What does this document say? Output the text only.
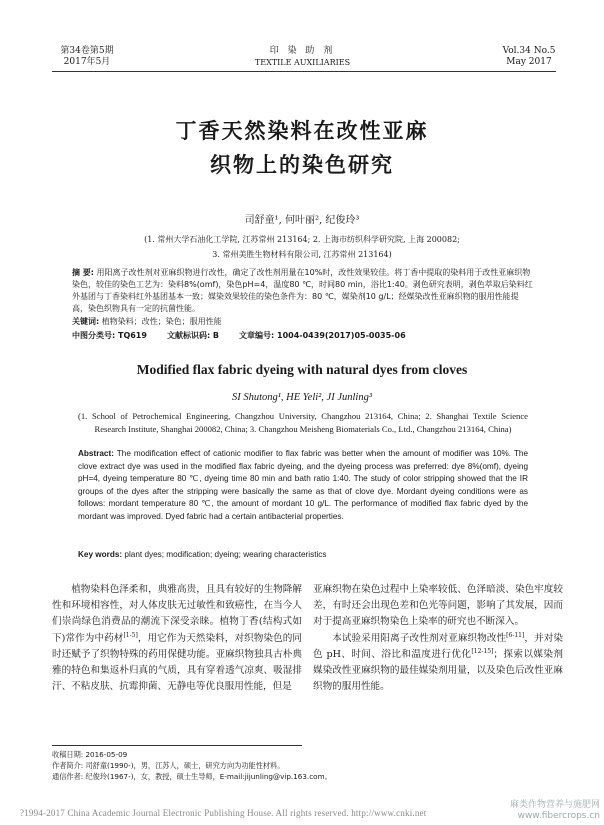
第34卷第5期
2017年5月
印 染 助 剂
TEXTILE AUXILIARIES
Vol.34 No.5
May 2017
丁香天然染料在改性亚麻
织物上的染色研究
司舒童¹, 何叶丽², 纪俊玲³
(1. 常州大学石油化工学院, 江苏常州 213164; 2. 上海市纺织科学研究院, 上海 200082;
3. 常州美胜生物材料有限公司, 江苏常州 213164)
摘 要: 用阳离子改性剂对亚麻织物进行改性，确定了改性剂用量在10%时，改性效果较佳。将丁香中提取的染料用于改性亚麻织物染色，较佳的染色工艺为：染料8%(omf)，染色pH=4，温度80 ℃，时间80 min，浴比1:40。剥色研究表明，剥色萃取后染料红外基团与丁香染料红外基团基本一致；媒染效果较佳的染色条件为：80 ℃，媒染剂10 g/L；经媒染改性亚麻织物的服用性能提高，染色织物具有一定的抗菌性能。
关键词: 植物染料；改性；染色；服用性能
中图分类号: TQ619	文献标识码: B	文章编号: 1004-0439(2017)05-0035-06
Modified flax fabric dyeing with natural dyes from cloves
SI Shutong¹, HE Yeli², JI Junling³
(1. School of Petrochemical Engineering, Changzhou University, Changzhou 213164, China; 2. Shanghai Textile Science Research Institute, Shanghai 200082, China; 3. Changzhou Meisheng Biomaterials Co., Ltd., Changzhou 213164, China)
Abstract: The modification effect of cationic modifier to flax fabric was better when the amount of modifier was 10%. The clove extract dye was used in the modified flax fabric dyeing, and the dyeing process was preferred: dye 8%(omf), dyeing pH=4, dyeing temperature 80 ℃, dyeing time 80 min and bath ratio 1:40. The study of color stripping showed that the IR groups of the dyes after the stripping were basically the same as that of clove dye. Mordant dyeing conditions were as follows: mordant temperature 80 ℃, the amount of mordant 10 g/L. The performance of modified flax fabric dyed by the mordant was improved. Dyed fabric had a certain antibacterial properties.
Key words: plant dyes; modification; dyeing; wearing characteristics

植物染料色泽柔和，典雅高贵，且具有较好的生物降解性和环境相容性，对人体皮肤无过敏性和致癌性，在当今人们崇尚绿色消费品的潮流下深受亲睐。植物丁香(结构式如下)常作为中药材[1-5]，用它作为天然染料，对织物染色的同时还赋予了织物特殊的药用保健功能。亚麻织物独具古朴典雅的特色和集返朴归真的气质，具有穿着透气凉爽、吸湿排汗、不粘皮肤、抗霉抑菌、无静电等优良服用性能，但是

亚麻织物在染色过程中上染率较低、色泽暗淡、染色牢度较差，有时还会出现色差和色光等问题，影响了其发展，因而对于提高亚麻织物染色上染率的研究也不断深入。

本试验采用阳离子改性剂对亚麻织物改性[6-11]，并对染色 pH、时间、浴比和温度进行优化[12-15]；探索以媒染剂媒染改性亚麻织物的最佳媒染剂用量，以及染色后改性亚麻织物的服用性能。

收稿日期: 2016-05-09
作者简介: 司舒童(1990-)，男，江苏人，硕士，研究方向为功能性材料。
通信作者: 纪俊玲(1967-)，女，教授，硕士生导师，E-mail:jijunling@vip.163.com。
?1994-2017 China Academic Journal Electronic Publishing House. All rights reserved. http://www.cnki.net
麻类作物营养与施肥网
www.fibercrops.cn
